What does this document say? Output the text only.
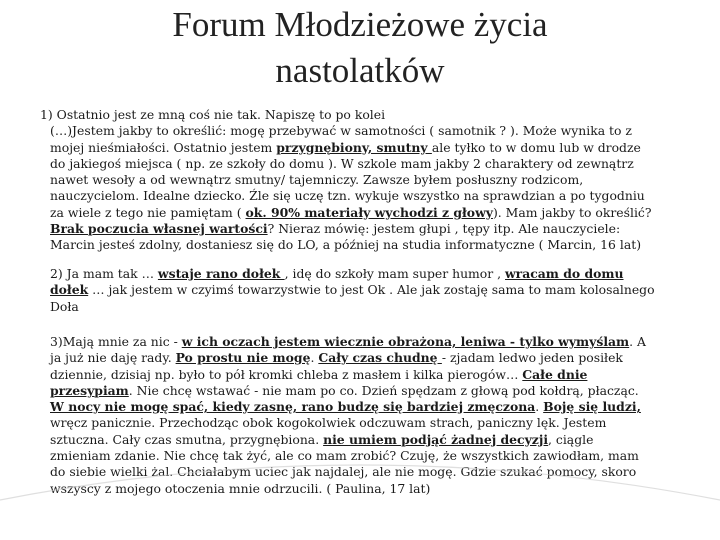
Forum Młodzieżowe życia
nastolatków
1) Ostatnio jest ze mną coś nie tak. Napiszę to po kolei
(…)Jestem jakby to określić: mogę przebywać w samotności ( samotnik ? ). Może wynika to z
mojej nieśmiałości. Ostatnio jestem przygnębiony, smutny ale tyłko to w domu lub w drodze
do jakiegoś miejsca ( np. ze szkoły do domu ). W szkole mam jakby 2 charaktery od zewnątrz
nawet wesoły a od wewnątrz smutny/ tajemniczy. Zawsze byłem posłuszny rodzicom,
nauczycielom. Idealne dziecko. Źle się uczę tzn. wykuje wszystko na sprawdzian a po tygodniu
za wiele z tego nie pamiętam ( ok. 90% materiały wychodzi z głowy). Mam jakby to określić?
Brak poczucia własnej wartości? Nieraz mówię: jestem głupi , tępy itp. Ale nauczyciele:
Marcin jesteś zdolny, dostaniesz się do LO, a później na studia informatyczne ( Marcin, 16 lat)
2) Ja mam tak … wstaje rano dołek , idę do szkoły mam super humor , wracam do domu
dołek … jak jestem w czyimś towarzystwie to jest Ok . Ale jak zostaję sama to mam kolosalnego
Doła
3)Mają mnie za nic - w ich oczach jestem wiecznie obrażona, leniwa - tylko wymyślam. A
ja już nie daję rady. Po prostu nie mogę. Cały czas chudnę - zjadam ledwo jeden posiłek
dziennie, dzisiaj np. było to pół kromki chleba z masłem i kilka pierogów… Całe dnie
przesypiam. Nie chcę wstawać - nie mam po co. Dzień spędzam z głową pod kołdrą, płacząc.
W nocy nie mogę spać, kiedy zasnę, rano budzę się bardziej zmęczona. Boję się ludzi,
wręcz panicznie. Przechodząc obok kogokolwiek odczuwam strach, paniczny lęk. Jestem
sztuczna. Cały czas smutna, przygnębiona. nie umiem podjąć żadnej decyzji, ciągle
zmieniam zdanie. Nie chcę tak żyć, ale co mam zrobić? Czuję, że wszystkich zawiodłam, mam
do siebie wielki żal. Chciałabym uciec jak najdalej, ale nie mogę. Gdzie szukać pomocy, skoro
wszyscy z mojego otoczenia mnie odrzucili. ( Paulina, 17 lat)
